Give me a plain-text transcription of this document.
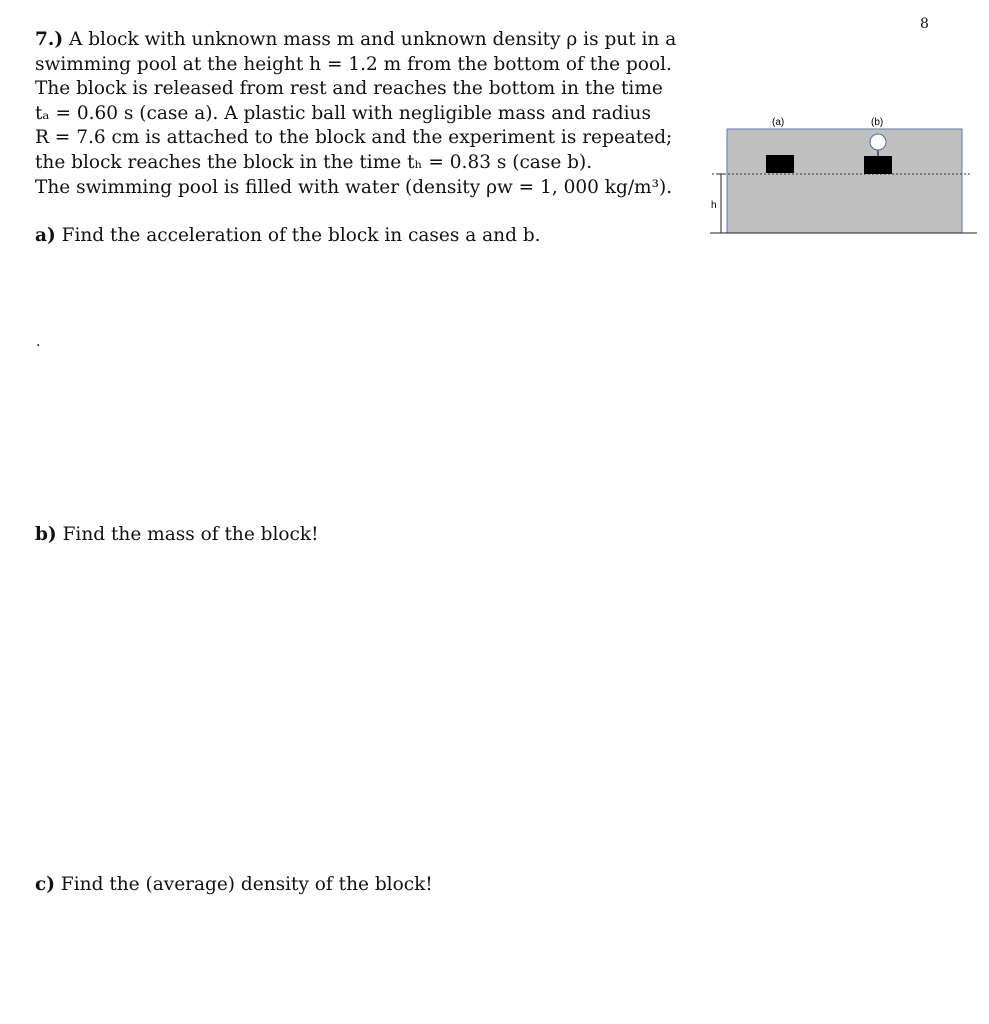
8

7.) A block with unknown mass m and unknown density ρ is put in a

swimming pool at the height h = 1.2 m from the bottom of the pool.

The block is released from rest and reaches the bottom in the time

tₐ = 0.60 s (case a). A plastic ball with negligible mass and radius

R = 7.6 cm is attached to the block and the experiment is repeated;

the block reaches the block in the time tₕ = 0.83 s (case b).

The swimming pool is filled with water (density ρw = 1, 000 kg/m³).

a) Find the acceleration of the block in cases a and b.
.
b) Find the mass of the block!
c) Find the (average) density of the block!
(a)	(b)
h
